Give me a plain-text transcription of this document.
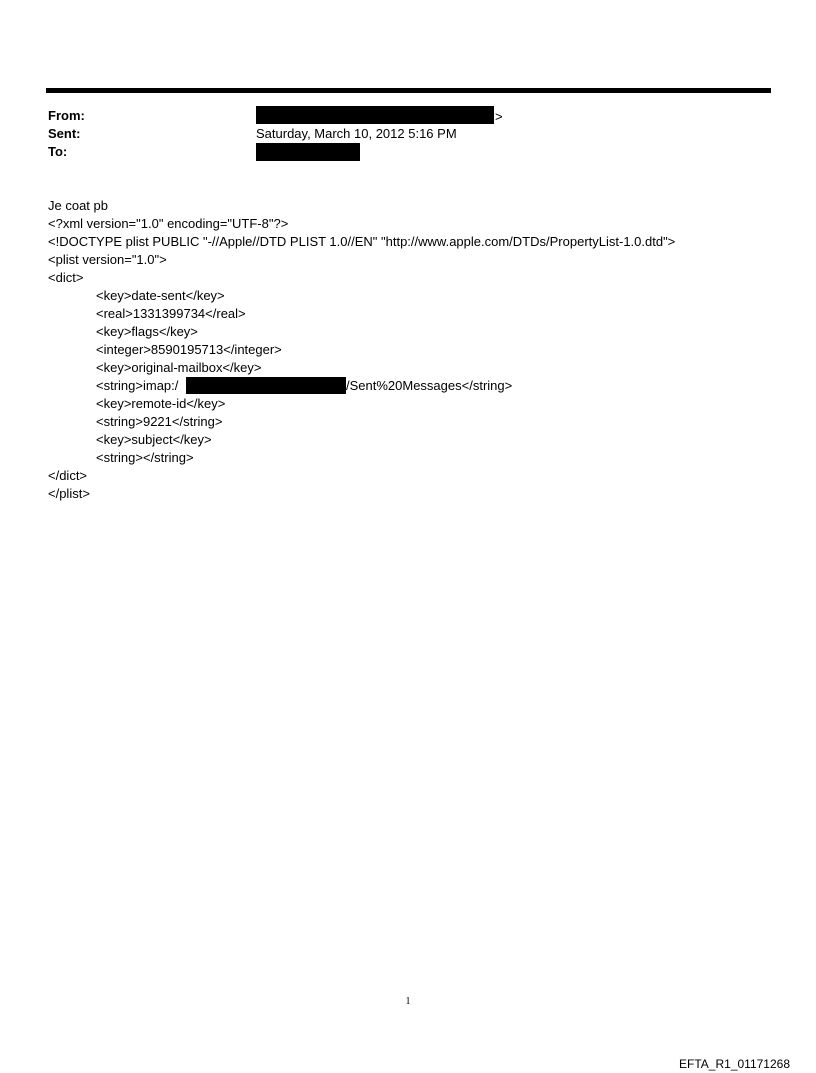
From:	>
Sent:	Saturday, March 10, 2012 5:16 PM
To:
Je coat pb
<?xml version="1.0" encoding="UTF-8"?>
<!DOCTYPE plist PUBLIC "-//Apple//DTD PLIST 1.0//EN" "http://www.apple.com/DTDs/PropertyList-1.0.dtd">
<plist version="1.0">
<dict>
<key>date-sent</key>
<real>1331399734</real>
<key>flags</key>
<integer>8590195713</integer>
<key>original-mailbox</key>
<string>imap:/	/Sent%20Messages</string>
<key>remote-id</key>
<string>9221</string>
<key>subject</key>
<string></string>
</dict>
</plist>
1
EFTA_R1_01171268
